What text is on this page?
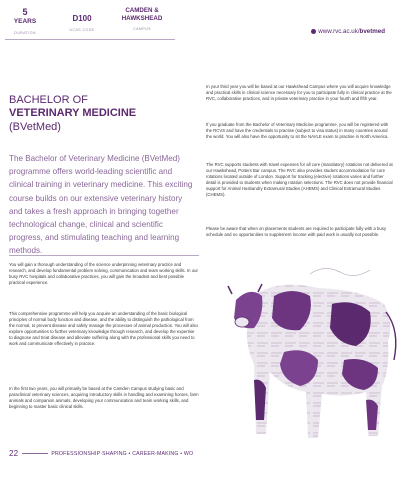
5
YEARS
DURATION
D100
UCAS CODE
CAMDEN &
HAWKSHEAD
CAMPUS	www.rvc.ac.uk/bvetmed
BACHELOR OF
VETERINARY MEDICINE
(BVetMed)
The Bachelor of Veterinary Medicine (BVetMed) programme offers world-leading scientific and clinical training in veterinary medicine. This exciting course builds on our extensive veterinary history and takes a fresh approach in bringing together technological change, clinical and scientific progress, and stimulating teaching and learning methods.
You will gain a thorough understanding of the science underpinning veterinary practice and research, and develop fundamental problem solving, communication and team working skills. In our busy RVC hospitals and collaborative practices, you will gain the broadest and best possible practical experience.
This comprehensive programme will help you acquire an understanding of the basic biological principles of normal body function and disease, and the ability to distinguish the pathological from the normal, to prevent disease and safely manage the processes of animal production. You will also explore opportunities to further veterinary knowledge through research, and develop the expertise to diagnose and treat disease and alleviate suffering along with the professional skills you need to work and communicate effectively in practice.
In the first two years, you will primarily be based at the Camden Campus studying basic and paraclinical veterinary sciences, acquiring introductory skills in handling and examining horses, farm animals and companion animals, developing your communication and team working skills, and beginning to master basic clinical skills.
In your third year you will be based at our Hawkshead Campus where you will acquire knowledge and practical skills in clinical science necessary for you to participate fully in clinical practice at the RVC, collaborative practices, and in private veterinary practice in your fourth and fifth year.
If you graduate from the Bachelor of Veterinary Medicine programme, you will be registered with the RCVS and have the credentials to practise (subject to visa status) in many countries around the world. You will also have the opportunity to sit the NAVLE exam to practise in North America.
The RVC supports students with travel expenses for all core (mandatory) rotations not delivered at our Hawkshead, Potters Bar campus. The RVC also provides student accommodation for core rotations located outside of London. Support for tracking (elective) rotations varies and further detail is provided to students when making rotation selections. The RVC does not provide financial support for Animal Husbandry Extramural Studies (AHEMS) and Clinical Extramural Studies (CHEMS).
Please be aware that when on placements students are required to participate fully with a busy schedule and no opportunities to supplement income with paid work is usually not possible.
22	PROFESSIONSHIP·SHAPING • CAREER-MAKING • WO
